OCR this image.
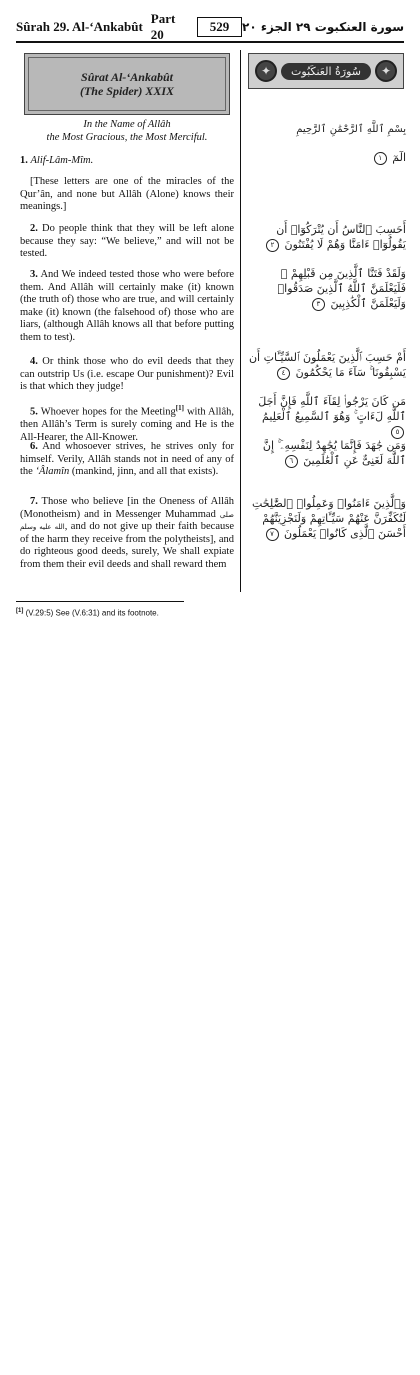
Sûrah 29. Al-‘Ankabût
Part 20
529	سورة العنكبوت ٢٩ الجزء ٢٠
Sûrat Al-‘Ankabût
(The Spider) XXIX
✦	سُورَةُ العَنكَبُوت	✦
In the Name of Allâh
the Most Gracious, the Most Merciful.

1. Alif-Lâm-Mîm.

[These letters are one of the miracles of the Qur’ân, and none but Allâh (Alone) knows their meanings.]

2. Do people think that they will be left alone because they say: “We believe,” and will not be tested.

3. And We indeed tested those who were before them. And Allâh will certainly make (it) known (the truth of) those who are true, and will certainly make (it) known (the falsehood of) those who are liars, (although Allâh knows all that before putting them to test).

4. Or think those who do evil deeds that they can outstrip Us (i.e. escape Our punishment)? Evil is that which they judge!

5. Whoever hopes for the Meeting[1] with Allâh, then Allâh’s Term is surely coming and He is the All-Hearer, the All-Knower.

6. And whosoever strives, he strives only for himself. Verily, Allâh stands not in need of any of the ‘Âlamîn (mankind, jinn, and all that exists).

7. Those who believe [in the Oneness of Allâh (Monotheism) and in Messenger Muhammad صلى الله عليه وسلم, and do not give up their faith because of the harm they receive from the polytheists], and do righteous good deeds, surely, We shall expiate from them their evil deeds and shall reward them

بِسْمِ ٱللَّهِ ٱلرَّحْمَٰنِ ٱلرَّحِيمِ
الٓمٓ ١
أَحَسِبَ ٱلنَّاسُ أَن يُتْرَكُوٓا۟ أَن يَقُولُوٓا۟ ءَامَنَّا وَهُمْ لَا يُفْتَنُونَ ٢
وَلَقَدْ فَتَنَّا ٱلَّذِينَ مِن قَبْلِهِمْ ۖ فَلَيَعْلَمَنَّ ٱللَّهُ ٱلَّذِينَ صَدَقُوا۟ وَلَيَعْلَمَنَّ ٱلْكَٰذِبِينَ ٣
أَمْ حَسِبَ ٱلَّذِينَ يَعْمَلُونَ ٱلسَّيِّـَٔاتِ أَن يَسْبِقُونَا ۚ سَآءَ مَا يَحْكُمُونَ ٤
مَن كَانَ يَرْجُوا۟ لِقَآءَ ٱللَّهِ فَإِنَّ أَجَلَ ٱللَّهِ لَءَاتٍ ۚ وَهُوَ ٱلسَّمِيعُ ٱلْعَلِيمُ ٥
وَمَن جَٰهَدَ فَإِنَّمَا يُجَٰهِدُ لِنَفْسِهِۦٓ ۚ إِنَّ ٱللَّهَ لَغَنِىٌّ عَنِ ٱلْعَٰلَمِينَ ٦
وَٱلَّذِينَ ءَامَنُوا۟ وَعَمِلُوا۟ ٱلصَّٰلِحَٰتِ لَنُكَفِّرَنَّ عَنْهُمْ سَيِّـَٔاتِهِمْ وَلَنَجْزِيَنَّهُمْ أَحْسَنَ ٱلَّذِى كَانُوا۟ يَعْمَلُونَ ٧
[1] (V.29:5) See (V.6:31) and its footnote.
